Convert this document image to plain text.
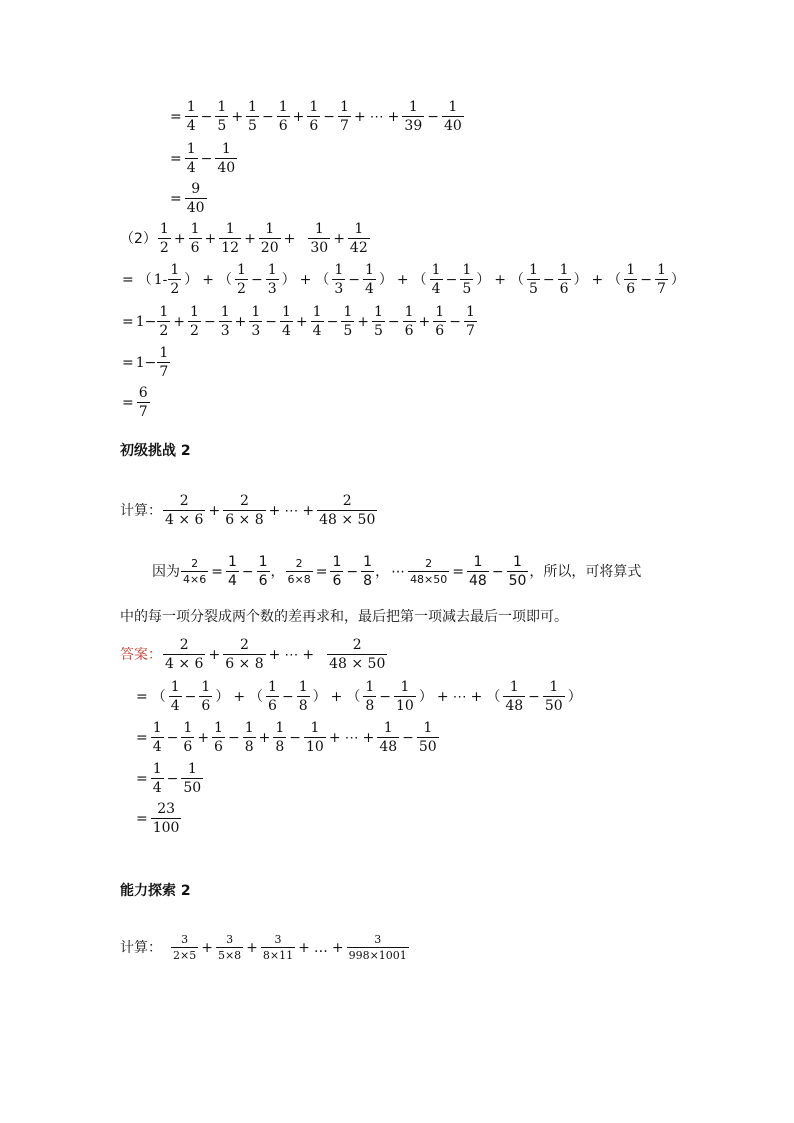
= $\frac{1}{4} - \frac{1}{5} + \frac{1}{5} - \frac{1}{6} + \frac{1}{6} - \frac{1}{7}$ + ⋯ + $\frac{1}{39} - \frac{1}{40}$
= $\frac{1}{4} - \frac{1}{40}$
= $\frac{9}{40}$
$(2) \frac{1}{2} + \frac{1}{6} + \frac{1}{12} + \frac{1}{20} + \frac{1}{30} + \frac{1}{42}$
= （ $1- \frac{1}{2}$ ） + （ $\frac{1}{2} - \frac{1}{3}$ ） + （ $\frac{1}{3} - \frac{1}{4}$ ） + （ $\frac{1}{4} - \frac{1}{5}$ ） + （ $\frac{1}{5} - \frac{1}{6}$ ） + （ $\frac{1}{6} - \frac{1}{7}$ ）
= $1- \frac{1}{2} + \frac{1}{2} - \frac{1}{3} + \frac{1}{3} - \frac{1}{4} + \frac{1}{4} - \frac{1}{5} + \frac{1}{5} - \frac{1}{6} + \frac{1}{6} - \frac{1}{7}$
= $1- \frac{1}{7}$
= $\frac{6}{7}$
初级挑战 2
计算： $\frac{2}{4 \times 6} + \frac{2}{6 \times 8}$ + ⋯ + $\frac{2}{48 \times 50}$
因为 $\frac{2}{4\times 6} = \frac{1}{4} - \frac{1}{6}$ ， $\frac{2}{6\times 8} = \frac{1}{6} - \frac{1}{8}$ ， ⋯ $\frac{2}{48\times 50} = \frac{1}{48} - \frac{1}{50}$ ，所以，可将算式
中的每一项分裂成两个数的差再求和，最后把第一项减去最后一项即可。
答案： $\frac{2}{4 \times 6} + \frac{2}{6 \times 8}$ + ⋯ + $\frac{2}{48 \times 50}$
= （ $\frac{1}{4} - \frac{1}{6}$ ） + （ $\frac{1}{6} - \frac{1}{8}$ ） + （ $\frac{1}{8} - \frac{1}{10}$ ） + ⋯ + （ $\frac{1}{48} - \frac{1}{50}$ ）
= $\frac{1}{4} - \frac{1}{6} + \frac{1}{6} - \frac{1}{8} + \frac{1}{8} - \frac{1}{10}$ + ⋯ + $\frac{1}{48} - \frac{1}{50}$
= $\frac{1}{4} - \frac{1}{50}$
= $\frac{23}{100}$
能力探索 2
计算： $\frac{3}{2\times 5} + \frac{3}{5\times 8} + \frac{3}{8\times 11}$ + … + $\frac{3}{998\times 1001}$
